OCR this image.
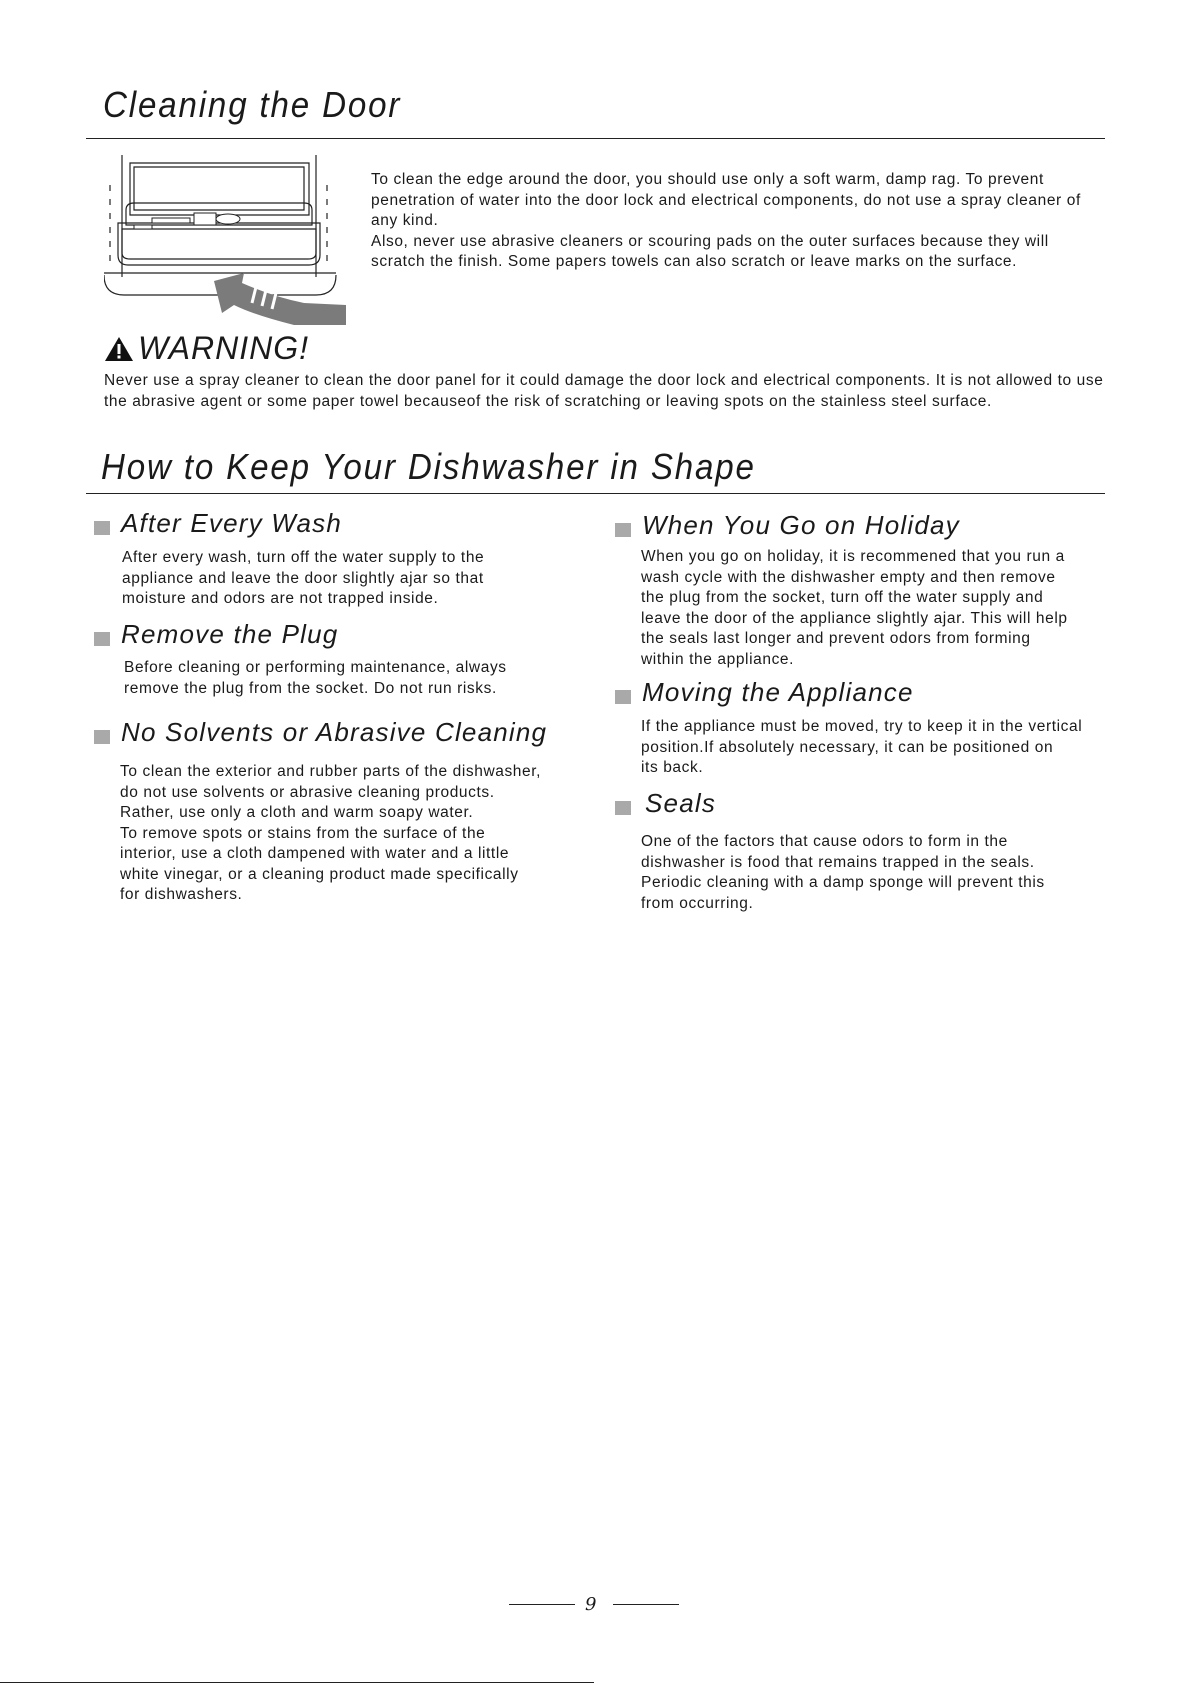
Cleaning the Door

To clean the edge around the door, you should use only a soft warm, damp rag. To prevent penetration of water into the door lock and electrical components, do not use a spray cleaner of any kind.

Also, never use abrasive cleaners or scouring pads on the outer surfaces because they will scratch the finish. Some papers towels can also scratch or leave marks on the surface.

WARNING!

Never use a spray cleaner to clean the door panel for it could damage the door lock and electrical components. It is not allowed to use the abrasive agent or some paper towel becauseof the risk of scratching or leaving spots on the stainless steel surface.

How to Keep Your Dishwasher in Shape
After Every Wash

After every wash, turn off the water supply to the

appliance and leave the door slightly ajar so that

moisture and odors are not trapped inside.

Remove the Plug

Before cleaning or performing maintenance, always

remove the plug from the socket. Do not run risks.

No Solvents or Abrasive Cleaning

To clean the exterior and rubber parts of the dishwasher,

do not use solvents or abrasive cleaning products.

Rather, use only a cloth and warm soapy water.

To remove spots or stains from the surface of the

interior, use a cloth dampened with water and a little

white vinegar, or a cleaning product made specifically

for dishwashers.

When You Go on Holiday

When you go on holiday, it is recommened that you run a

wash cycle with the dishwasher empty and then remove

the plug from the socket, turn off the water supply and

leave the door of the appliance slightly ajar. This will help

the seals last longer and prevent odors from forming

within the appliance.

Moving the Appliance

If the appliance must be moved, try to keep it in the vertical

position.If absolutely necessary, it can be positioned on

its back.

Seals

One of the factors that cause odors to form in the

dishwasher is food that remains trapped in the seals.

Periodic cleaning with a damp sponge will prevent this

from occurring.

9
